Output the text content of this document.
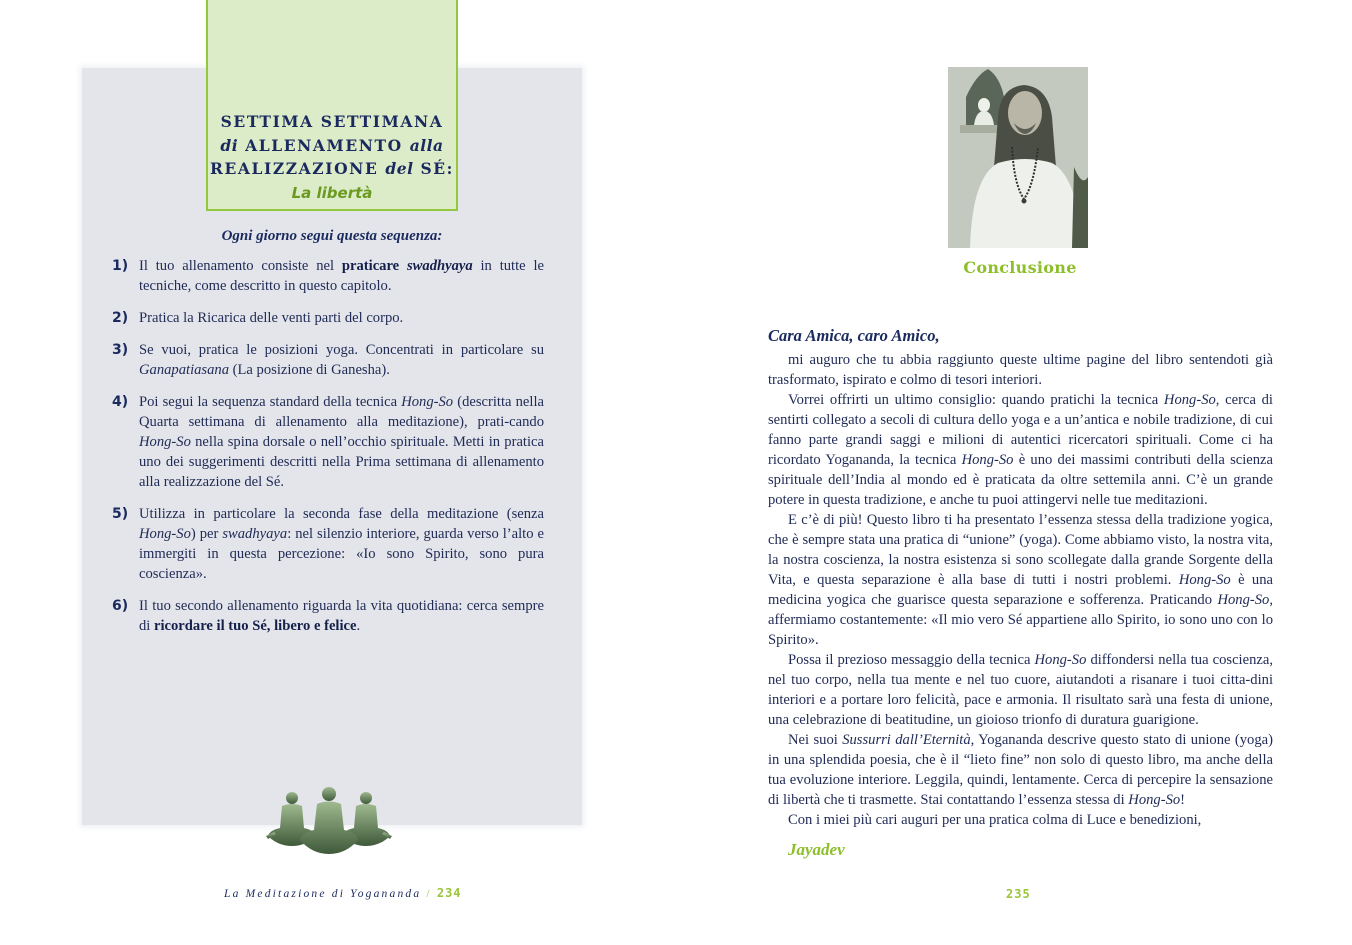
SETTIMA SETTIMANA
di ALLENAMENTO alla
REALIZZAZIONE del SÉ:
La libertà
Ogni giorno segui questa sequenza:
1) Il tuo allenamento consiste nel praticare swadhyaya in tutte le tecniche, come descritto in questo capitolo.
2) Pratica la Ricarica delle venti parti del corpo.
3) Se vuoi, pratica le posizioni yoga. Concentrati in particolare su Ganapatiasana (La posizione di Ganesha).
4) Poi segui la sequenza standard della tecnica Hong-So (descritta nella Quarta settimana di allenamento alla meditazione), prati-cando Hong-So nella spina dorsale o nell’occhio spirituale. Metti in pratica uno dei suggerimenti descritti nella Prima settimana di allenamento alla realizzazione del Sé.
5) Utilizza in particolare la seconda fase della meditazione (senza Hong-So) per swadhyaya: nel silenzio interiore, guarda verso l’alto e immergiti in questa percezione: «Io sono Spirito, sono pura coscienza».
6) Il tuo secondo allenamento riguarda la vita quotidiana: cerca sempre di ricordare il tuo Sé, libero e felice.
La Meditazione di Yogananda / 234
Conclusione
Cara Amica, caro Amico,

mi auguro che tu abbia raggiunto queste ultime pagine del libro sentendoti già trasformato, ispirato e colmo di tesori interiori.

Vorrei offrirti un ultimo consiglio: quando pratichi la tecnica Hong-So, cerca di sentirti collegato a secoli di cultura dello yoga e a un’antica e nobile tradizione, di cui fanno parte grandi saggi e milioni di autentici ricercatori spirituali. Come ci ha ricordato Yogananda, la tecnica Hong-So è uno dei massimi contributi della scienza spirituale dell’India al mondo ed è praticata da oltre settemila anni. C’è un grande potere in questa tradizione, e anche tu puoi attingervi nelle tue meditazioni.

E c’è di più! Questo libro ti ha presentato l’essenza stessa della tradizione yogica, che è sempre stata una pratica di “unione” (yoga). Come abbiamo visto, la nostra vita, la nostra coscienza, la nostra esistenza si sono scollegate dalla grande Sorgente della Vita, e questa separazione è alla base di tutti i nostri problemi. Hong-So è una medicina yogica che guarisce questa separazione e sofferenza. Praticando Hong-So, affermiamo costantemente: «Il mio vero Sé appartiene allo Spirito, io sono uno con lo Spirito».

Possa il prezioso messaggio della tecnica Hong-So diffondersi nella tua coscienza, nel tuo corpo, nella tua mente e nel tuo cuore, aiutandoti a risanare i tuoi citta-dini interiori e a portare loro felicità, pace e armonia. Il risultato sarà una festa di unione, una celebrazione di beatitudine, un gioioso trionfo di duratura guarigione.

Nei suoi Sussurri dall’Eternità, Yogananda descrive questo stato di unione (yoga) in una splendida poesia, che è il “lieto fine” non solo di questo libro, ma anche della tua evoluzione interiore. Leggila, quindi, lentamente. Cerca di percepire la sensazione di libertà che ti trasmette. Stai contattando l’essenza stessa di Hong-So!

Con i miei più cari auguri per una pratica colma di Luce e benedizioni,

Jayadev
235
